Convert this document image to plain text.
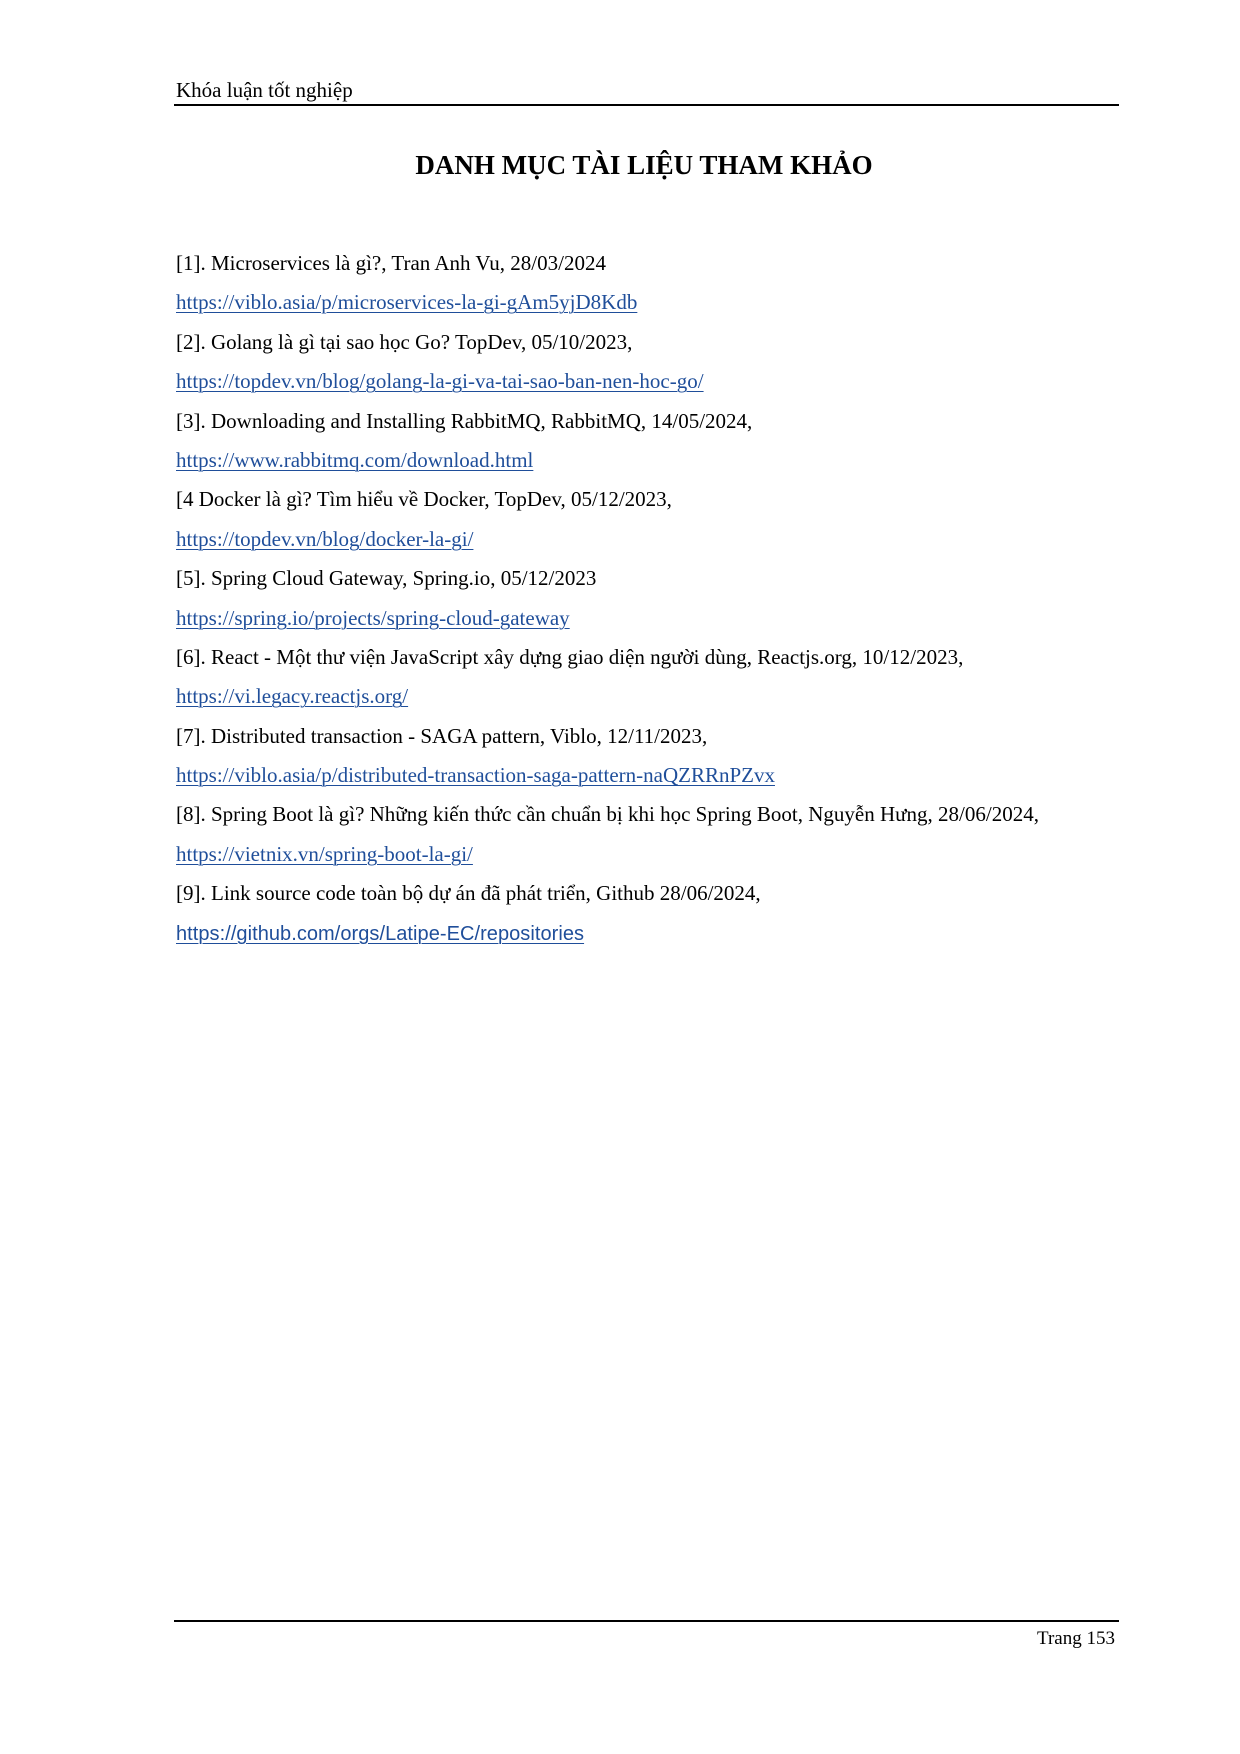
Khóa luận tốt nghiệp
DANH MỤC TÀI LIỆU THAM KHẢO
[1]. Microservices là gì?, Tran Anh Vu, 28/03/2024
https://viblo.asia/p/microservices-la-gi-gAm5yjD8Kdb
[2]. Golang là gì tại sao học Go? TopDev, 05/10/2023,
https://topdev.vn/blog/golang-la-gi-va-tai-sao-ban-nen-hoc-go/
[3]. Downloading and Installing RabbitMQ, RabbitMQ, 14/05/2024,
https://www.rabbitmq.com/download.html
[4 Docker là gì? Tìm hiểu về Docker, TopDev, 05/12/2023,
https://topdev.vn/blog/docker-la-gi/
[5]. Spring Cloud Gateway, Spring.io, 05/12/2023
https://spring.io/projects/spring-cloud-gateway
[6]. React - Một thư viện JavaScript xây dựng giao diện người dùng, Reactjs.org, 10/12/2023,
https://vi.legacy.reactjs.org/
[7]. Distributed transaction - SAGA pattern, Viblo, 12/11/2023,
https://viblo.asia/p/distributed-transaction-saga-pattern-naQZRRnPZvx
[8]. Spring Boot là gì? Những kiến thức cần chuẩn bị khi học Spring Boot, Nguyễn Hưng, 28/06/2024,
https://vietnix.vn/spring-boot-la-gi/
[9]. Link source code toàn bộ dự án đã phát triển, Github 28/06/2024,
https://github.com/orgs/Latipe-EC/repositories
Trang 153
